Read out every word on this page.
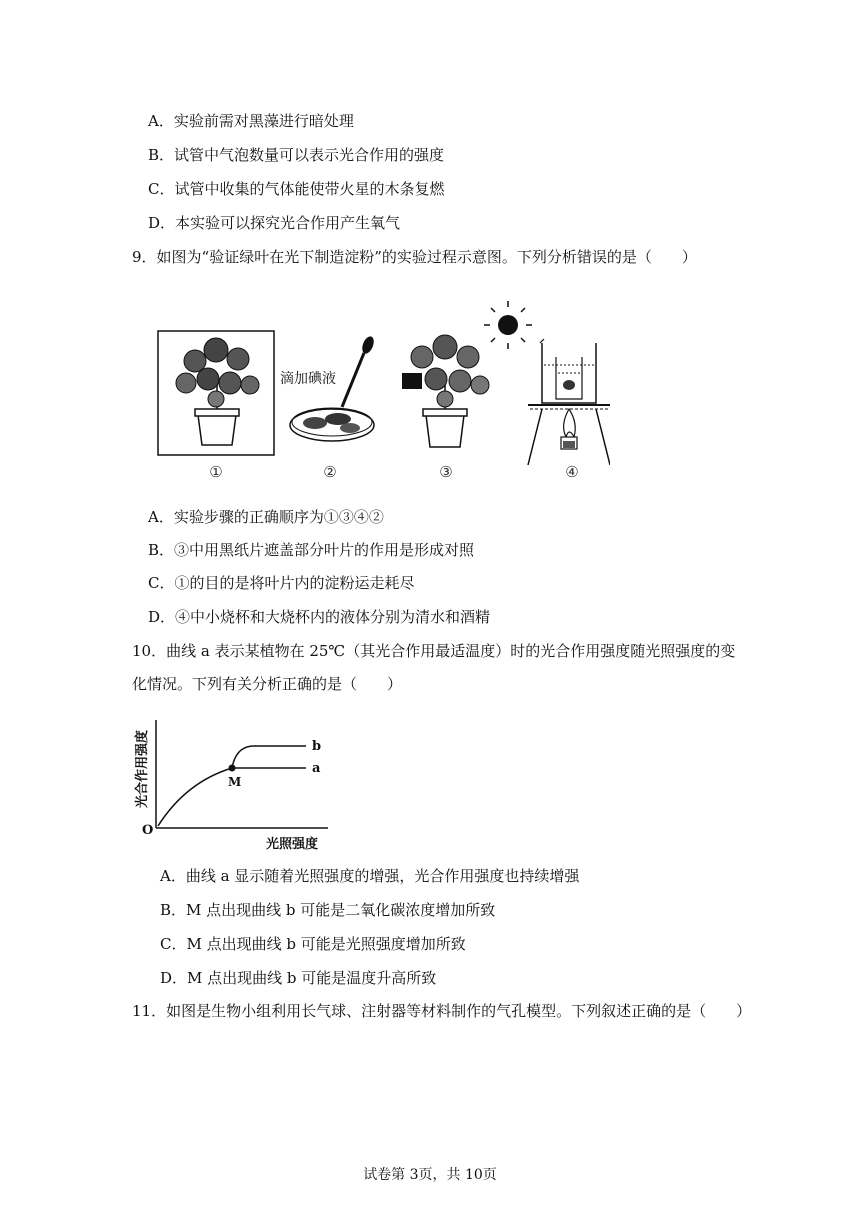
A．实验前需对黑藻进行暗处理
B．试管中气泡数量可以表示光合作用的强度
C．试管中收集的气体能使带火星的木条复燃
D．本实验可以探究光合作用产生氧气
9．如图为“验证绿叶在光下制造淀粉”的实验过程示意图。下列分析错误的是（　　）
滴加碘液
①	②	③	④
A．实验步骤的正确顺序为①③④②
B．③中用黑纸片遮盖部分叶片的作用是形成对照
C．①的目的是将叶片内的淀粉运走耗尽
D．④中小烧杯和大烧杯内的液体分别为清水和酒精
10．曲线 a 表示某植物在 25℃（其光合作用最适温度）时的光合作用强度随光照强度的变
化情况。下列有关分析正确的是（　　）
M
b
a
O
光照强度
光合作用强度
A．曲线 a 显示随着光照强度的增强，光合作用强度也持续增强
B．M 点出现曲线 b 可能是二氧化碳浓度增加所致
C．M 点出现曲线 b 可能是光照强度增加所致
D．M 点出现曲线 b 可能是温度升高所致
11．如图是生物小组利用长气球、注射器等材料制作的气孔模型。下列叙述正确的是（　　）
试卷第 3页，共 10页
